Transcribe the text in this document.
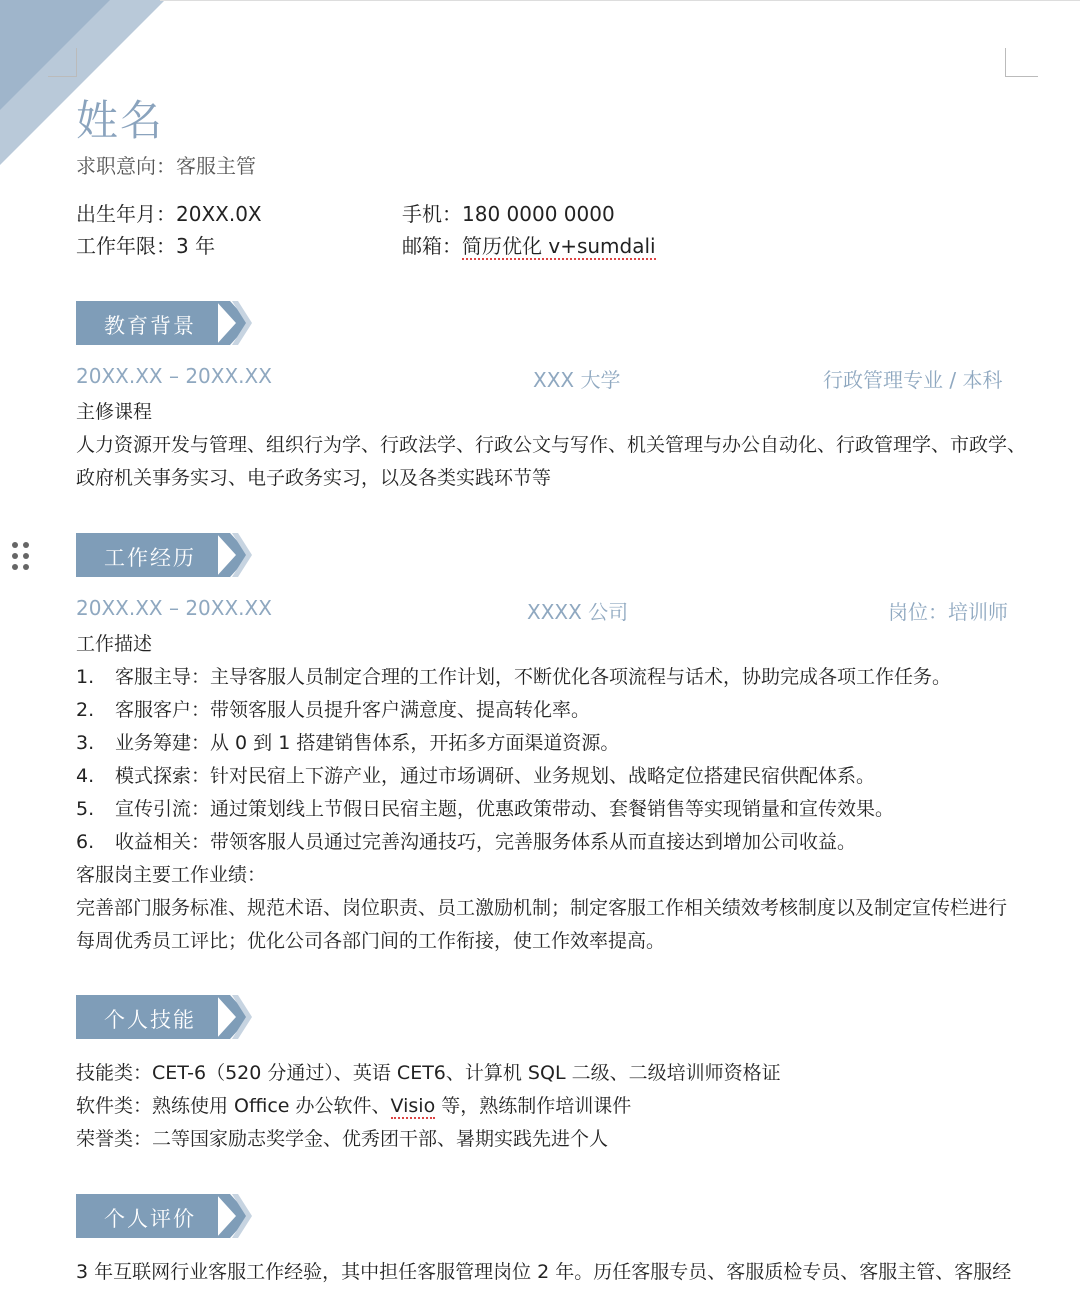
姓名
求职意向：客服主管
出生年月：20XX.0X	手机：180 0000 0000
工作年限：3 年	邮箱：简历优化 v+sumdali
教育背景
20XX.XX – 20XX.XX	XXX 大学	行政管理专业 / 本科
主修课程
人力资源开发与管理、组织行为学、行政法学、行政公文与写作、机关管理与办公自动化、行政管理学、市政学、
政府机关事务实习、电子政务实习，以及各类实践环节等
工作经历
20XX.XX – 20XX.XX	XXXX 公司	岗位：培训师
工作描述
1. 客服主导：主导客服人员制定合理的工作计划，不断优化各项流程与话术，协助完成各项工作任务。
2. 客服客户：带领客服人员提升客户满意度、提高转化率。
3. 业务筹建：从 0 到 1 搭建销售体系，开拓多方面渠道资源。
4. 模式探索：针对民宿上下游产业，通过市场调研、业务规划、战略定位搭建民宿供配体系。
5. 宣传引流：通过策划线上节假日民宿主题，优惠政策带动、套餐销售等实现销量和宣传效果。
6. 收益相关：带领客服人员通过完善沟通技巧，完善服务体系从而直接达到增加公司收益。
客服岗主要工作业绩：
完善部门服务标准、规范术语、岗位职责、员工激励机制；制定客服工作相关绩效考核制度以及制定宣传栏进行
每周优秀员工评比；优化公司各部门间的工作衔接，使工作效率提高。
个人技能
技能类：CET-6（520 分通过）、英语 CET6、计算机 SQL 二级、二级培训师资格证
软件类：熟练使用 Office 办公软件、Visio 等，熟练制作培训课件
荣誉类：二等国家励志奖学金、优秀团干部、暑期实践先进个人
个人评价
3 年互联网行业客服工作经验，其中担任客服管理岗位 2 年。历任客服专员、客服质检专员、客服主管、客服经
